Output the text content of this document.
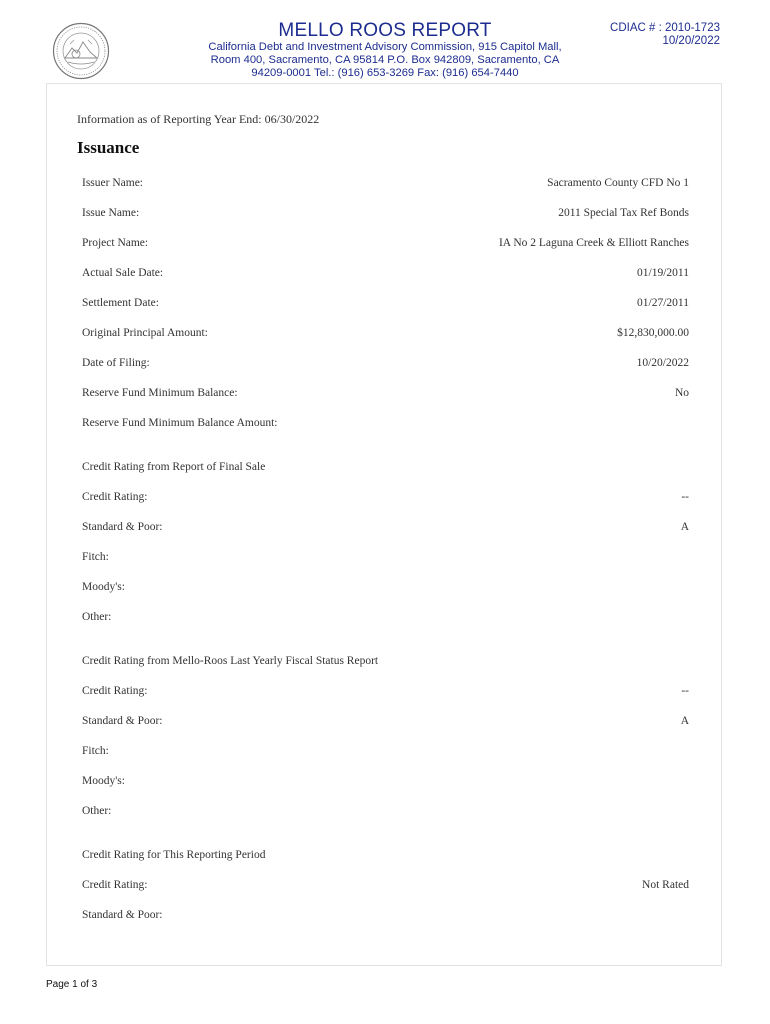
MELLO ROOS REPORT
California Debt and Investment Advisory Commission, 915 Capitol Mall,
Room 400, Sacramento, CA 95814 P.O. Box 942809, Sacramento, CA
94209-0001 Tel.: (916) 653-3269 Fax: (916) 654-7440
CDIAC # : 2010-1723
10/20/2022
Information as of Reporting Year End: 06/30/2022
Issuance
Issuer Name:	Sacramento County CFD No 1
Issue Name:	2011 Special Tax Ref Bonds
Project Name:	IA No 2 Laguna Creek & Elliott Ranches
Actual Sale Date:	01/19/2011
Settlement Date:	01/27/2011
Original Principal Amount:	$12,830,000.00
Date of Filing:	10/20/2022
Reserve Fund Minimum Balance:	No
Reserve Fund Minimum Balance Amount:
Credit Rating from Report of Final Sale
Credit Rating:	--
Standard & Poor:	A
Fitch:
Moody's:
Other:
Credit Rating from Mello-Roos Last Yearly Fiscal Status Report
Credit Rating:	--
Standard & Poor:	A
Fitch:
Moody's:
Other:
Credit Rating for This Reporting Period
Credit Rating:	Not Rated
Standard & Poor:
Page 1 of 3
